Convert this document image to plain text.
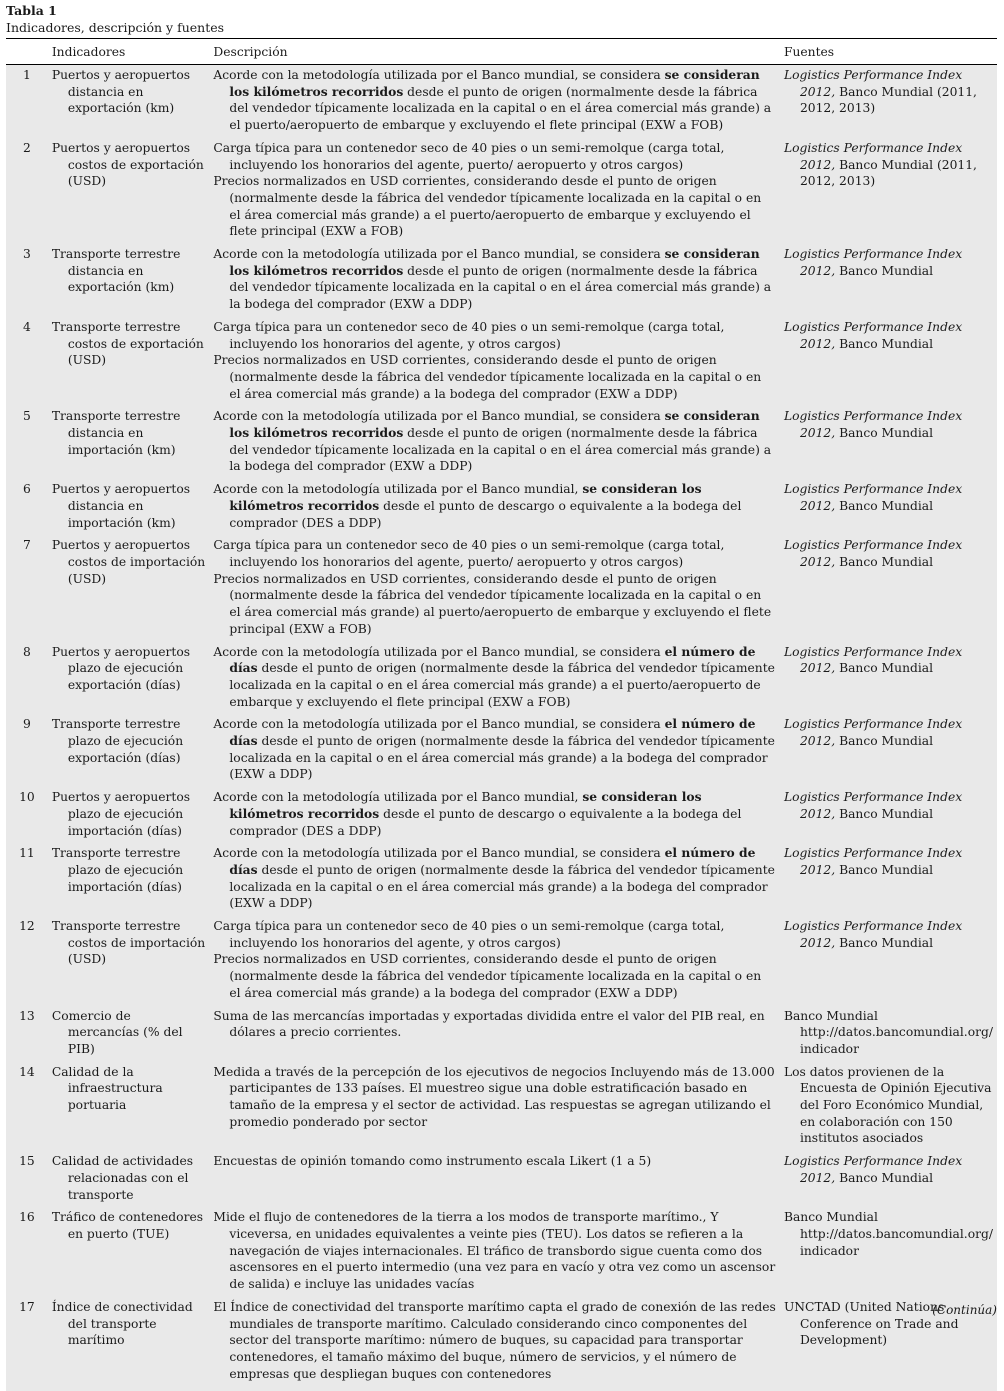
Tabla 1
Indicadores, descripción y fuentes
	Indicadores	Descripción	Fuentes
1	Puertos y aeropuertos distancia en exportación (km)	Acorde con la metodología utilizada por el Banco mundial, se considera se consideran los kilómetros recorridos desde el punto de origen (normalmente desde la fábrica del vendedor típicamente localizada en la capital o en el área comercial más grande) a el puerto/aeropuerto de embarque y excluyendo el flete principal (EXW a FOB)	Logistics Performance Index 2012, Banco Mundial (2011, 2012, 2013)

2	Puertos y aeropuertos costos de exportación (USD)	Carga típica para un contenedor seco de 40 pies o un semi-remolque (carga total, incluyendo los honorarios del agente, puerto/ aeropuerto y otros cargos)
Precios normalizados en USD corrientes, considerando desde el punto de origen (normalmente desde la fábrica del vendedor típicamente localizada en la capital o en el área comercial más grande) a el puerto/aeropuerto de embarque y excluyendo el flete principal (EXW a FOB)	Logistics Performance Index 2012, Banco Mundial (2011, 2012, 2013)

3	Transporte terrestre distancia en exportación (km)	Acorde con la metodología utilizada por el Banco mundial, se considera se consideran los kilómetros recorridos desde el punto de origen (normalmente desde la fábrica del vendedor típicamente localizada en la capital o en el área comercial más grande) a la bodega del comprador (EXW a DDP)	Logistics Performance Index 2012, Banco Mundial

4	Transporte terrestre costos de exportación (USD)	Carga típica para un contenedor seco de 40 pies o un semi-remolque (carga total, incluyendo los honorarios del agente, y otros cargos)
Precios normalizados en USD corrientes, considerando desde el punto de origen (normalmente desde la fábrica del vendedor típicamente localizada en la capital o en el área comercial más grande) a la bodega del comprador (EXW a DDP)	Logistics Performance Index 2012, Banco Mundial

5	Transporte terrestre distancia en importación (km)	Acorde con la metodología utilizada por el Banco mundial, se considera se consideran los kilómetros recorridos desde el punto de origen (normalmente desde la fábrica del vendedor típicamente localizada en la capital o en el área comercial más grande) a la bodega del comprador (EXW a DDP)	Logistics Performance Index 2012, Banco Mundial

6	Puertos y aeropuertos distancia en importación (km)	Acorde con la metodología utilizada por el Banco mundial, se consideran los kilómetros recorridos desde el punto de descargo o equivalente a la bodega del comprador (DES a DDP)	Logistics Performance Index 2012, Banco Mundial

7	Puertos y aeropuertos costos de importación (USD)	Carga típica para un contenedor seco de 40 pies o un semi-remolque (carga total, incluyendo los honorarios del agente, puerto/ aeropuerto y otros cargos)
Precios normalizados en USD corrientes, considerando desde el punto de origen (normalmente desde la fábrica del vendedor típicamente localizada en la capital o en el área comercial más grande) al puerto/aeropuerto de embarque y excluyendo el flete principal (EXW a FOB)	Logistics Performance Index 2012, Banco Mundial

8	Puertos y aeropuertos plazo de ejecución exportación (días)	Acorde con la metodología utilizada por el Banco mundial, se considera el número de días desde el punto de origen (normalmente desde la fábrica del vendedor típicamente localizada en la capital o en el área comercial más grande) a el puerto/aeropuerto de embarque y excluyendo el flete principal (EXW a FOB)	Logistics Performance Index 2012, Banco Mundial

9	Transporte terrestre plazo de ejecución exportación (días)	Acorde con la metodología utilizada por el Banco mundial, se considera el número de días desde el punto de origen (normalmente desde la fábrica del vendedor típicamente localizada en la capital o en el área comercial más grande) a la bodega del comprador (EXW a DDP)	Logistics Performance Index 2012, Banco Mundial

10	Puertos y aeropuertos plazo de ejecución importación (días)	Acorde con la metodología utilizada por el Banco mundial, se consideran los kilómetros recorridos desde el punto de descargo o equivalente a la bodega del comprador (DES a DDP)	Logistics Performance Index 2012, Banco Mundial

11	Transporte terrestre plazo de ejecución importación (días)	Acorde con la metodología utilizada por el Banco mundial, se considera el número de días desde el punto de origen (normalmente desde la fábrica del vendedor típicamente localizada en la capital o en el área comercial más grande) a la bodega del comprador (EXW a DDP)	Logistics Performance Index 2012, Banco Mundial

12	Transporte terrestre costos de importación (USD)	Carga típica para un contenedor seco de 40 pies o un semi-remolque (carga total, incluyendo los honorarios del agente, y otros cargos)
Precios normalizados en USD corrientes, considerando desde el punto de origen (normalmente desde la fábrica del vendedor típicamente localizada en la capital o en el área comercial más grande) a la bodega del comprador (EXW a DDP)	Logistics Performance Index 2012, Banco Mundial

13	Comercio de mercancías (% del PIB)	Suma de las mercancías importadas y exportadas dividida entre el valor del PIB real, en dólares a precio corrientes.	Banco Mundial http://datos.bancomundial.org/ indicador

14	Calidad de la infraestructura portuaria	Medida a través de la percepción de los ejecutivos de negocios Incluyendo más de 13.000 participantes de 133 países. El muestreo sigue una doble estratificación basado en tamaño de la empresa y el sector de actividad. Las respuestas se agregan utilizando el promedio ponderado por sector	Los datos provienen de la Encuesta de Opinión Ejecutiva del Foro Económico Mundial, en colaboración con 150 institutos asociados

15	Calidad de actividades relacionadas con el transporte	Encuestas de opinión tomando como instrumento escala Likert (1 a 5)	Logistics Performance Index 2012, Banco Mundial

16	Tráfico de contenedores en puerto (TUE)	Mide el flujo de contenedores de la tierra a los modos de transporte marítimo., Y viceversa, en unidades equivalentes a veinte pies (TEU). Los datos se refieren a la navegación de viajes internacionales. El tráfico de transbordo sigue cuenta como dos ascensores en el puerto intermedio (una vez para en vacío y otra vez como un ascensor de salida) e incluye las unidades vacías	Banco Mundial http://datos.bancomundial.org/ indicador

17	Índice de conectividad del transporte marítimo	El Índice de conectividad del transporte marítimo capta el grado de conexión de las redes mundiales de transporte marítimo. Calculado considerando cinco componentes del sector del transporte marítimo: número de buques, su capacidad para transportar contenedores, el tamaño máximo del buque, número de servicios, y el número de empresas que despliegan buques con contenedores	UNCTAD (United Nations Conference on Trade and Development)
(Continúa)
